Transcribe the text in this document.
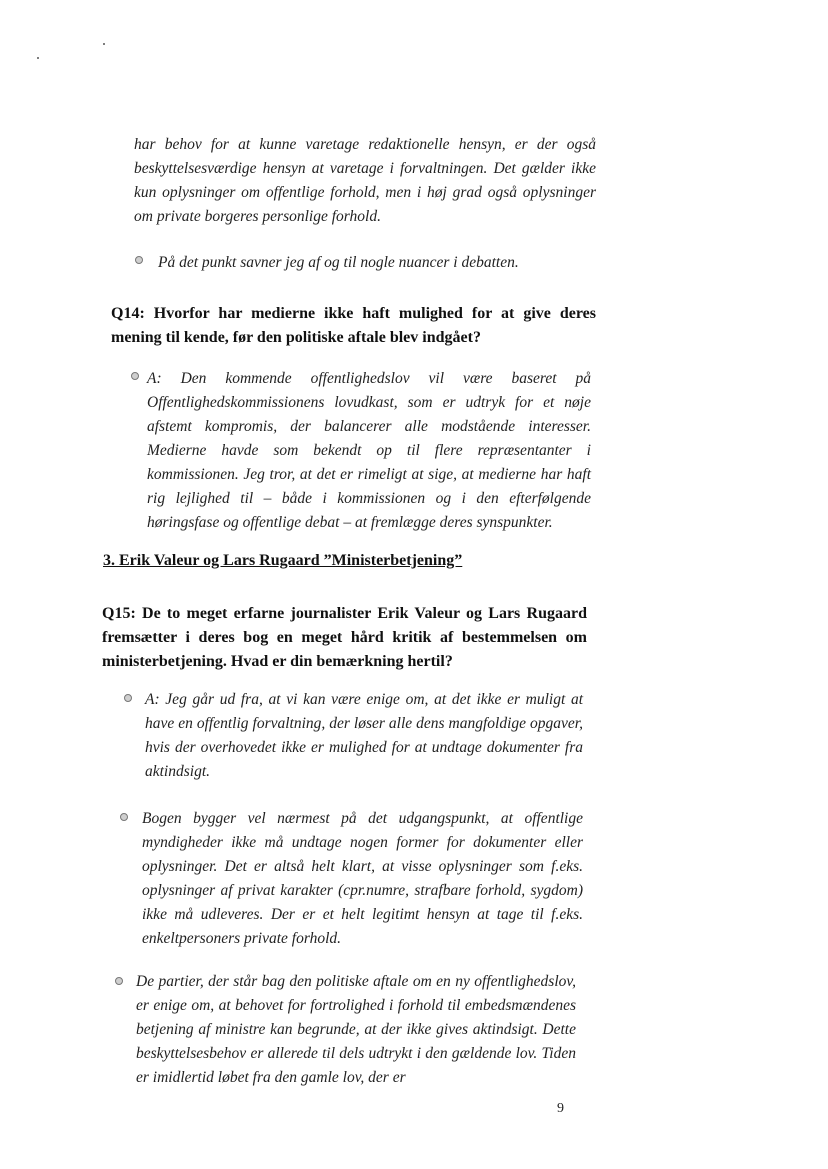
har behov for at kunne varetage redaktionelle hensyn, er der også beskyttelsesværdige hensyn at varetage i forvaltningen. Det gælder ikke kun oplysninger om offentlige forhold, men i høj grad også oplysninger om private borgeres personlige forhold.
På det punkt savner jeg af og til nogle nuancer i debatten.
Q14: Hvorfor har medierne ikke haft mulighed for at give deres mening til kende, før den politiske aftale blev indgået?
A: Den kommende offentlighedslov vil være baseret på Offentlighedskommissionens lovudkast, som er udtryk for et nøje afstemt kompromis, der balancerer alle modstående interesser. Medierne havde som bekendt op til flere repræsentanter i kommissionen. Jeg tror, at det er rimeligt at sige, at medierne har haft rig lejlighed til – både i kommissionen og i den efterfølgende høringsfase og offentlige debat – at fremlægge deres synspunkter.
3. Erik Valeur og Lars Rugaard ”Ministerbetjening”
Q15: De to meget erfarne journalister Erik Valeur og Lars Rugaard fremsætter i deres bog en meget hård kritik af bestemmelsen om ministerbetjening. Hvad er din bemærkning hertil?
A: Jeg går ud fra, at vi kan være enige om, at det ikke er muligt at have en offentlig forvaltning, der løser alle dens mangfoldige opgaver, hvis der overhovedet ikke er mulighed for at undtage dokumenter fra aktindsigt.
Bogen bygger vel nærmest på det udgangspunkt, at offentlige myndigheder ikke må undtage nogen former for dokumenter eller oplysninger. Det er altså helt klart, at visse oplysninger som f.eks. oplysninger af privat karakter (cpr.numre, strafbare forhold, sygdom) ikke må udleveres. Der er et helt legitimt hensyn at tage til f.eks. enkeltpersoners private forhold.
De partier, der står bag den politiske aftale om en ny offentlighedslov, er enige om, at behovet for fortrolighed i forhold til embedsmændenes betjening af ministre kan begrunde, at der ikke gives aktindsigt. Dette beskyttelsesbehov er allerede til dels udtrykt i den gældende lov. Tiden er imidlertid løbet fra den gamle lov, der er
9
